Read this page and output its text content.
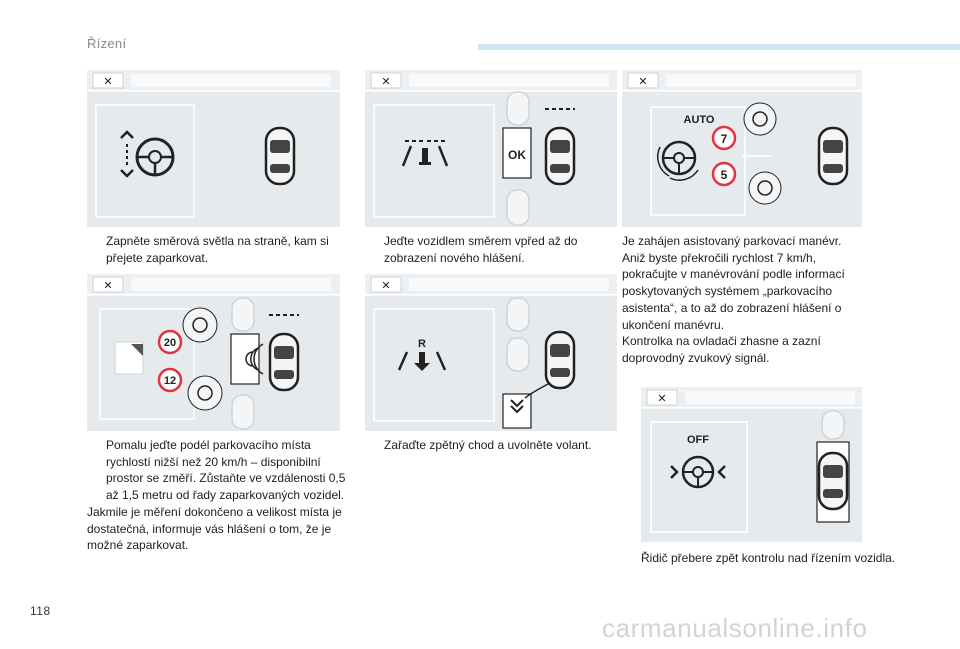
Řízení
✕	✕
OK
✕
AUTO
7
5
✕
20
12
✕
R
✕
OFF

Zapněte směrová světla na straně, kam si přejete zaparkovat.

Jeďte vozidlem směrem vpřed až do zobrazení nového hlášení.

Je zahájen asistovaný parkovací manévr.

Aniž byste překročili rychlost 7 km/h, pokračujte v manévrování podle informací poskytovaných systémem „parkovacího asistenta“, a to až do zobrazení hlášení o ukončení manévru.

Kontrolka na ovladači zhasne a zazní doprovodný zvukový signál.

Pomalu jeďte podél parkovacího místa rychlostí nižší než 20 km/h – disponibilní prostor se změří. Zůstaňte ve vzdálenosti 0,5 až 1,5 metru od řady zaparkovaných vozidel.

Jakmile je měření dokončeno a velikost místa je dostatečná, informuje vás hlášení o tom, že je možné zaparkovat.

Zařaďte zpětný chod a uvolněte volant.

Řidič přebere zpět kontrolu nad řízením vozidla.

118
carmanualsonline.info
